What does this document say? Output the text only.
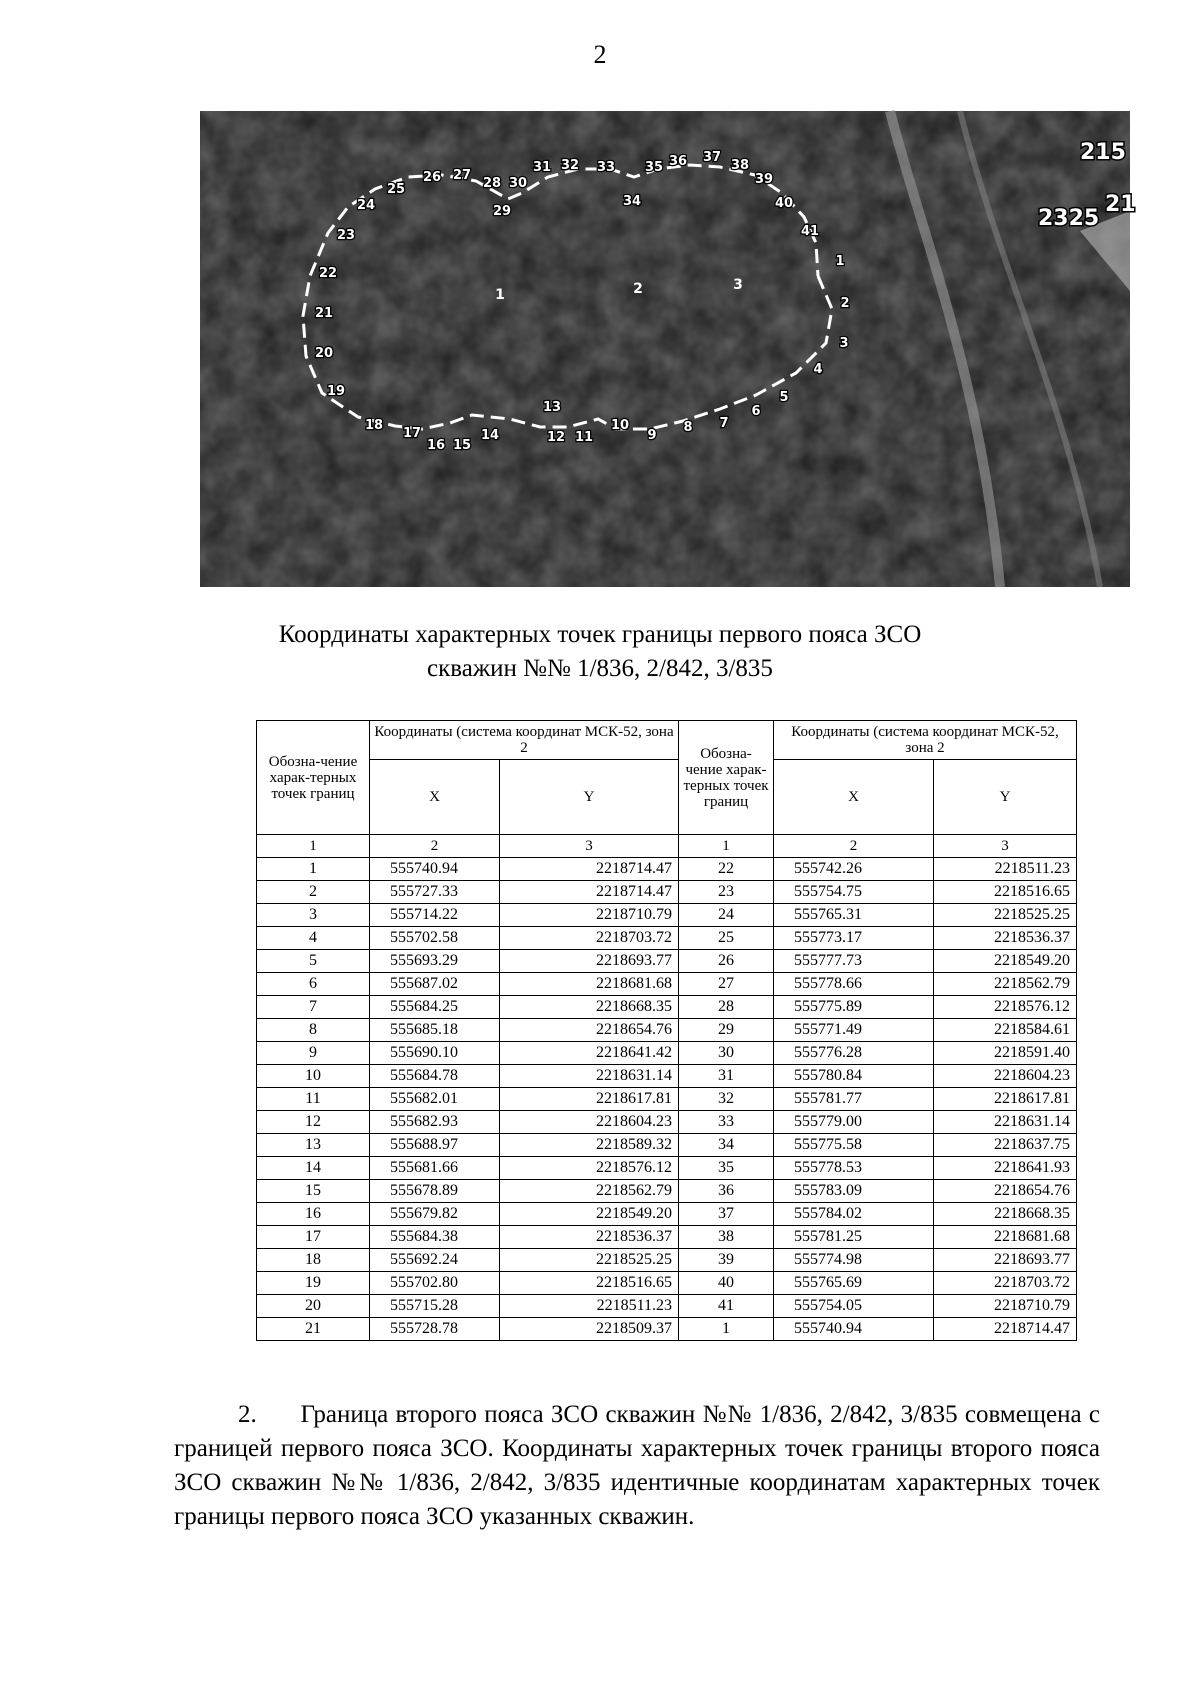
2
1
2
3
4
5
6
7
8
9
10
11
12
13
14
15
16
17
18
19
20
21
22
23
24
25
26 27
28
29
30
31 32 33
34
35 36 37
38
39
40
41
1	2	3
215
2325
21
Координаты характерных точек границы первого пояса ЗСО
скважин №№ 1/836, 2/842, 3/835
Обозна-чение харак-терных точек границ	Координаты (система координат МСК-52, зона 2		Обозна-чение харак-терных точек границ	Координаты (система координат МСК-52, зона 2	
	X	Y		X	Y
1	2	3	1	2	3
1	555740.94	2218714.47	22	555742.26	2218511.23
2	555727.33	2218714.47	23	555754.75	2218516.65
3	555714.22	2218710.79	24	555765.31	2218525.25
4	555702.58	2218703.72	25	555773.17	2218536.37
5	555693.29	2218693.77	26	555777.73	2218549.20
6	555687.02	2218681.68	27	555778.66	2218562.79
7	555684.25	2218668.35	28	555775.89	2218576.12
8	555685.18	2218654.76	29	555771.49	2218584.61
9	555690.10	2218641.42	30	555776.28	2218591.40
10	555684.78	2218631.14	31	555780.84	2218604.23
11	555682.01	2218617.81	32	555781.77	2218617.81
12	555682.93	2218604.23	33	555779.00	2218631.14
13	555688.97	2218589.32	34	555775.58	2218637.75
14	555681.66	2218576.12	35	555778.53	2218641.93
15	555678.89	2218562.79	36	555783.09	2218654.76
16	555679.82	2218549.20	37	555784.02	2218668.35
17	555684.38	2218536.37	38	555781.25	2218681.68
18	555692.24	2218525.25	39	555774.98	2218693.77
19	555702.80	2218516.65	40	555765.69	2218703.72
20	555715.28	2218511.23	41	555754.05	2218710.79
21	555728.78	2218509.37	1	555740.94	2218714.47
2. Граница второго пояса ЗСО скважин №№ 1/836, 2/842, 3/835 совмещена с границей первого пояса ЗСО. Координаты характерных точек границы второго пояса ЗСО скважин №№ 1/836, 2/842, 3/835 идентичные координатам характерных точек границы первого пояса ЗСО указанных скважин.
